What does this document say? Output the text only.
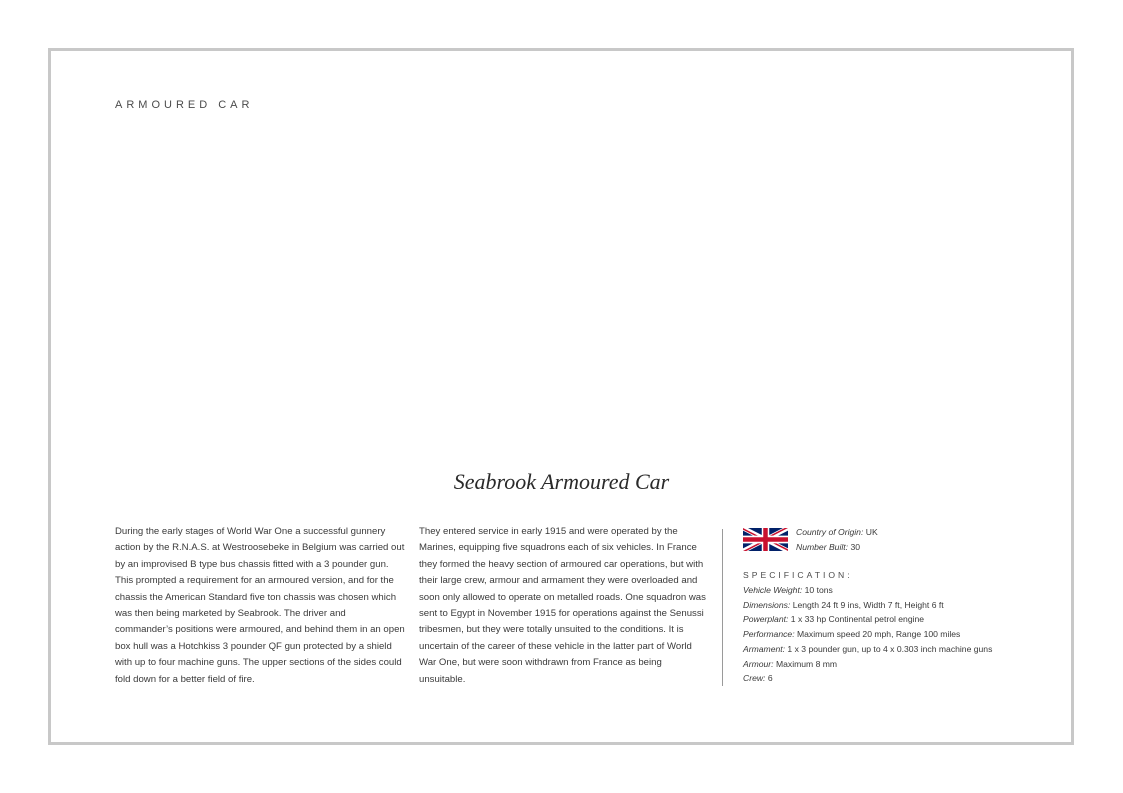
ARMOURED CAR
Seabrook Armoured Car
During the early stages of World War One a successful gunnery action by the R.N.A.S. at Westroosebeke in Belgium was carried out by an improvised B type bus chassis fitted with a 3 pounder gun. This prompted a requirement for an armoured version, and for the chassis the American Standard five ton chassis was chosen which was then being marketed by Seabrook. The driver and commander’s positions were armoured, and behind them in an open box hull was a Hotchkiss 3 pounder QF gun protected by a shield with up to four machine guns. The upper sections of the sides could fold down for a better field of fire.
They entered service in early 1915 and were operated by the Marines, equipping five squadrons each of six vehicles. In France they formed the heavy section of armoured car operations, but with their large crew, armour and armament they were overloaded and soon only allowed to operate on metalled roads. One squadron was sent to Egypt in November 1915 for operations against the Senussi tribesmen, but they were totally unsuited to the conditions. It is uncertain of the career of these vehicle in the latter part of World War One, but were soon withdrawn from France as being unsuitable.
Country of Origin: UK
Number Built: 30
SPECIFICATION:
Vehicle Weight: 10 tons
Dimensions: Length 24 ft 9 ins, Width 7 ft, Height 6 ft
Powerplant: 1 x 33 hp Continental petrol engine
Performance: Maximum speed 20 mph, Range 100 miles
Armament: 1 x 3 pounder gun, up to 4 x 0.303 inch machine guns
Armour: Maximum 8 mm
Crew: 6
